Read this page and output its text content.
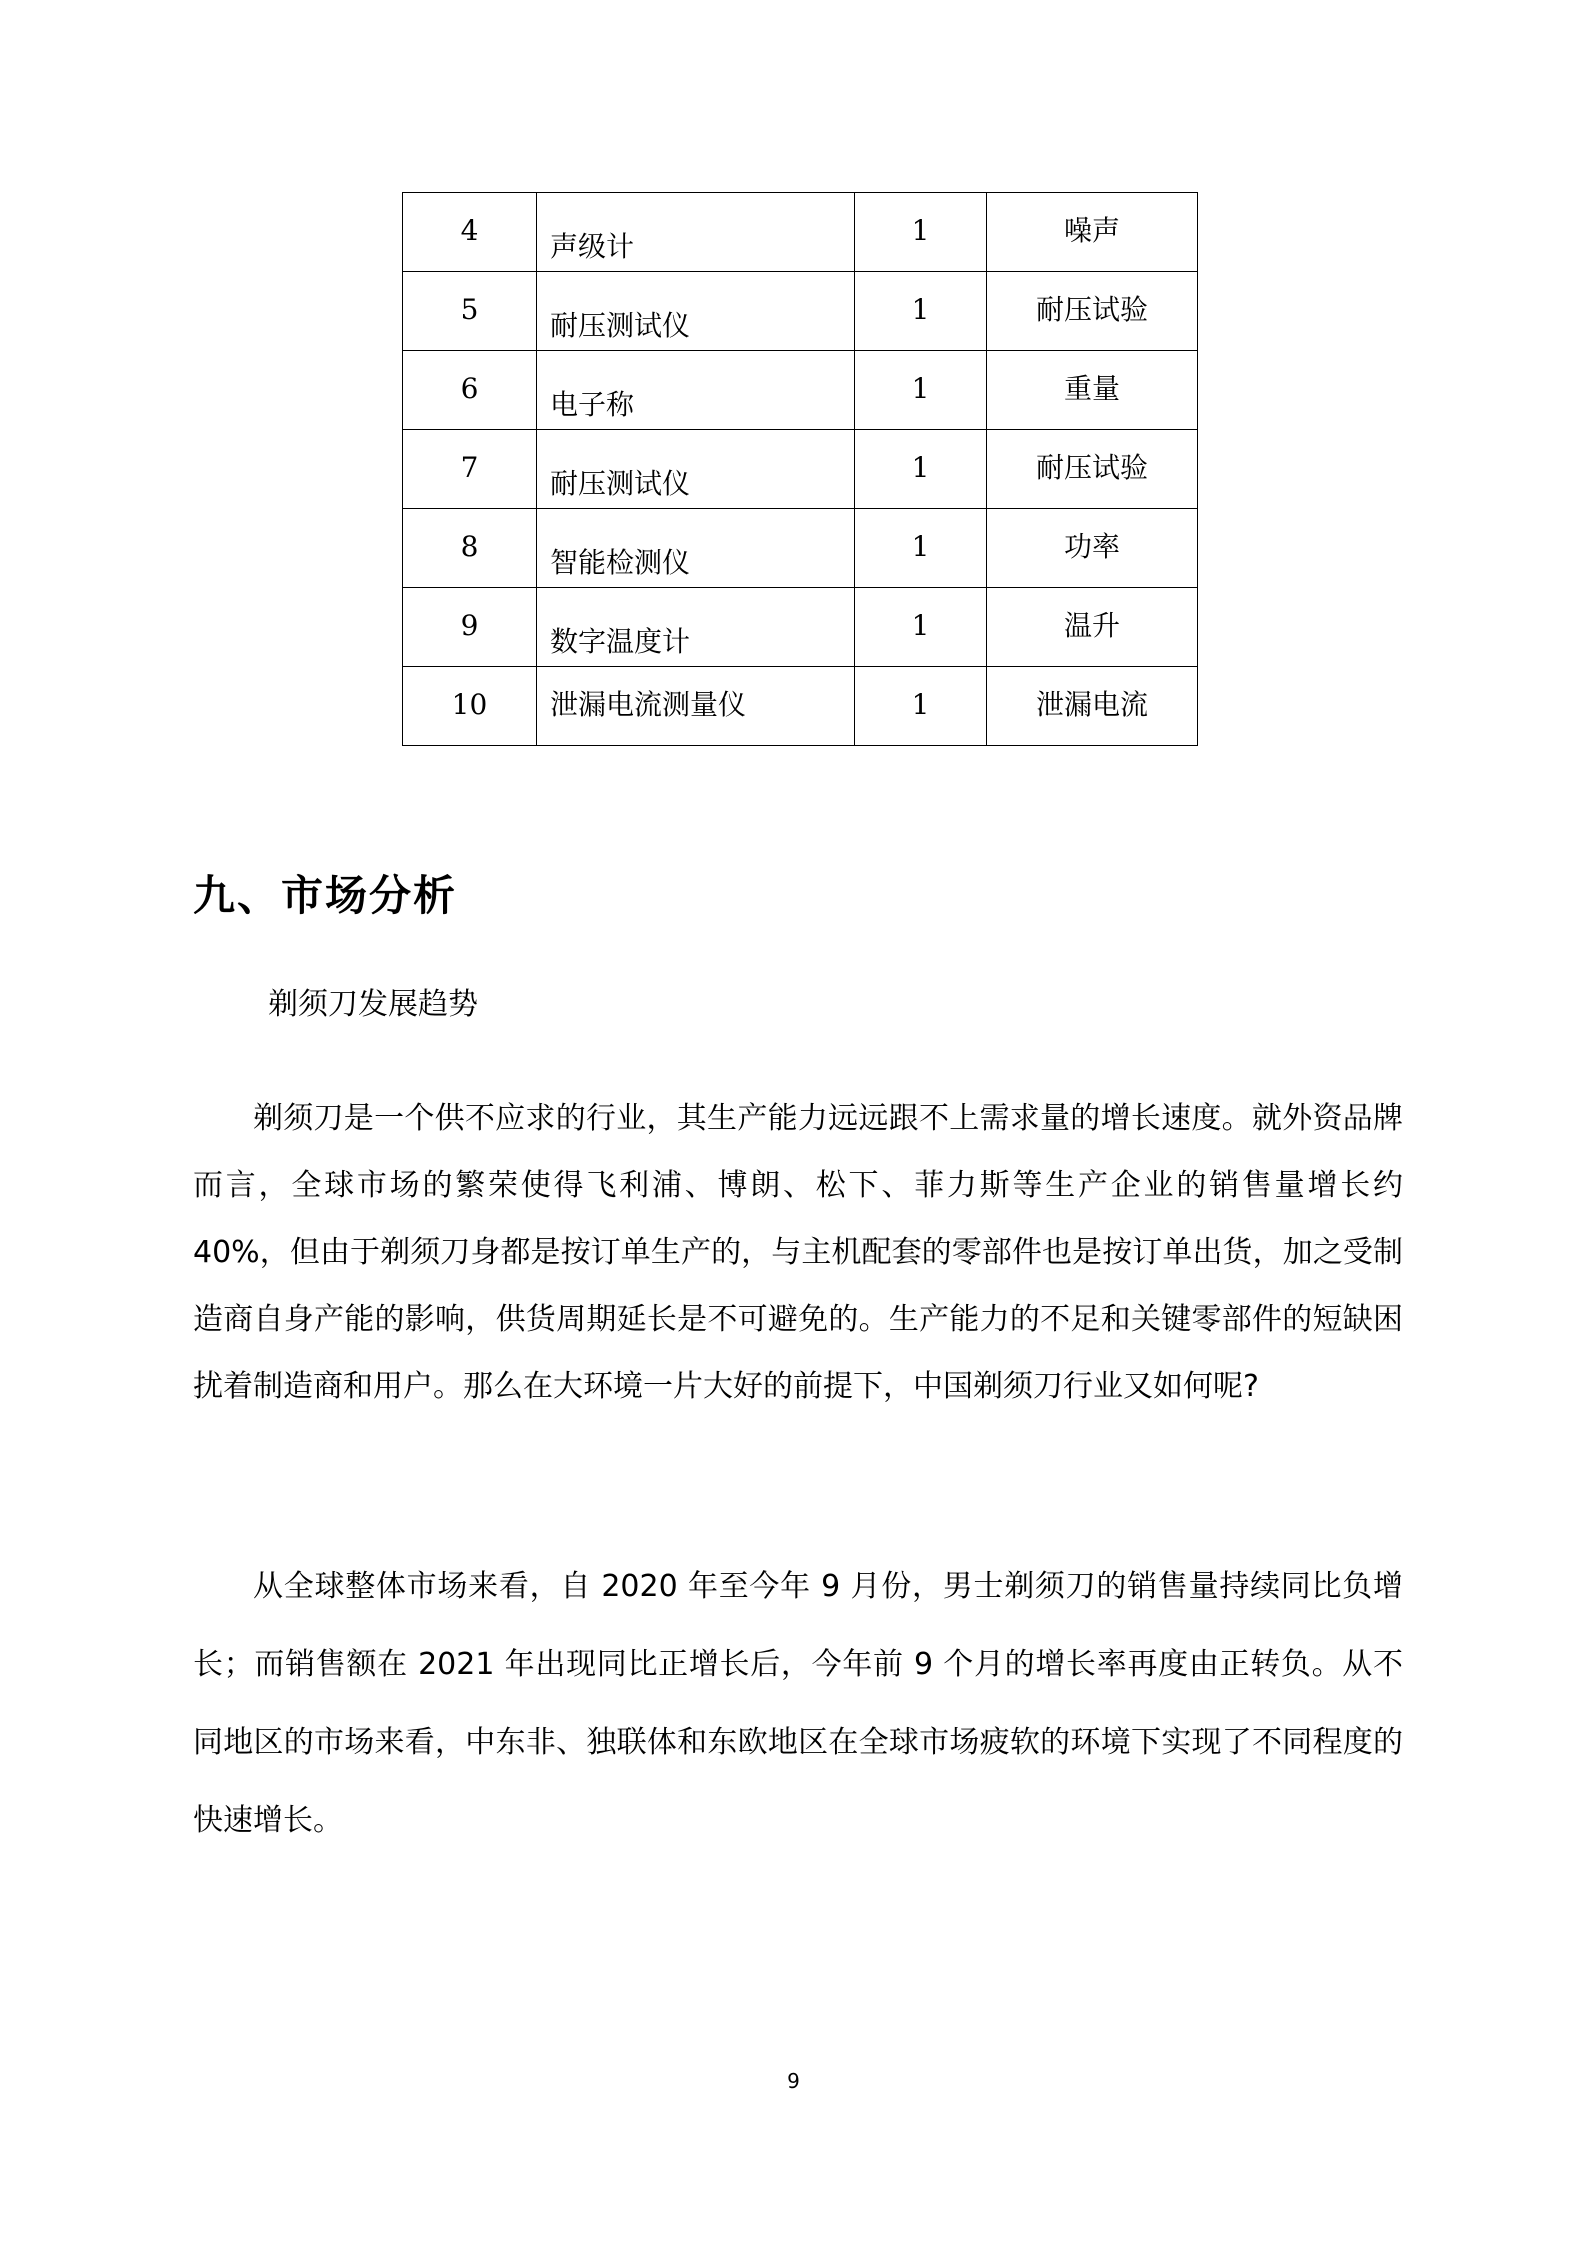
4	声级计	1	噪声

5	耐压测试仪	1	耐压试验

6	电子称	1	重量

7	耐压测试仪	1	耐压试验

8	智能检测仪	1	功率

9	数字温度计	1	温升

10	泄漏电流测量仪	1	泄漏电流
九、市场分析

剃须刀发展趋势

剃须刀是一个供不应求的行业，其生产能力远远跟不上需求量的增长速度。就外资品牌而言，全球市场的繁荣使得飞利浦、博朗、松下、菲力斯等生产企业的销售量增长约 40%，但由于剃须刀身都是按订单生产的，与主机配套的零部件也是按订单出货，加之受制造商自身产能的影响，供货周期延长是不可避免的。生产能力的不足和关键零部件的短缺困扰着制造商和用户。那么在大环境一片大好的前提下，中国剃须刀行业又如何呢?

从全球整体市场来看，自 2020 年至今年 9 月份，男士剃须刀的销售量持续同比负增长；而销售额在 2021 年出现同比正增长后，今年前 9 个月的增长率再度由正转负。从不同地区的市场来看，中东非、独联体和东欧地区在全球市场疲软的环境下实现了不同程度的快速增长。

9
